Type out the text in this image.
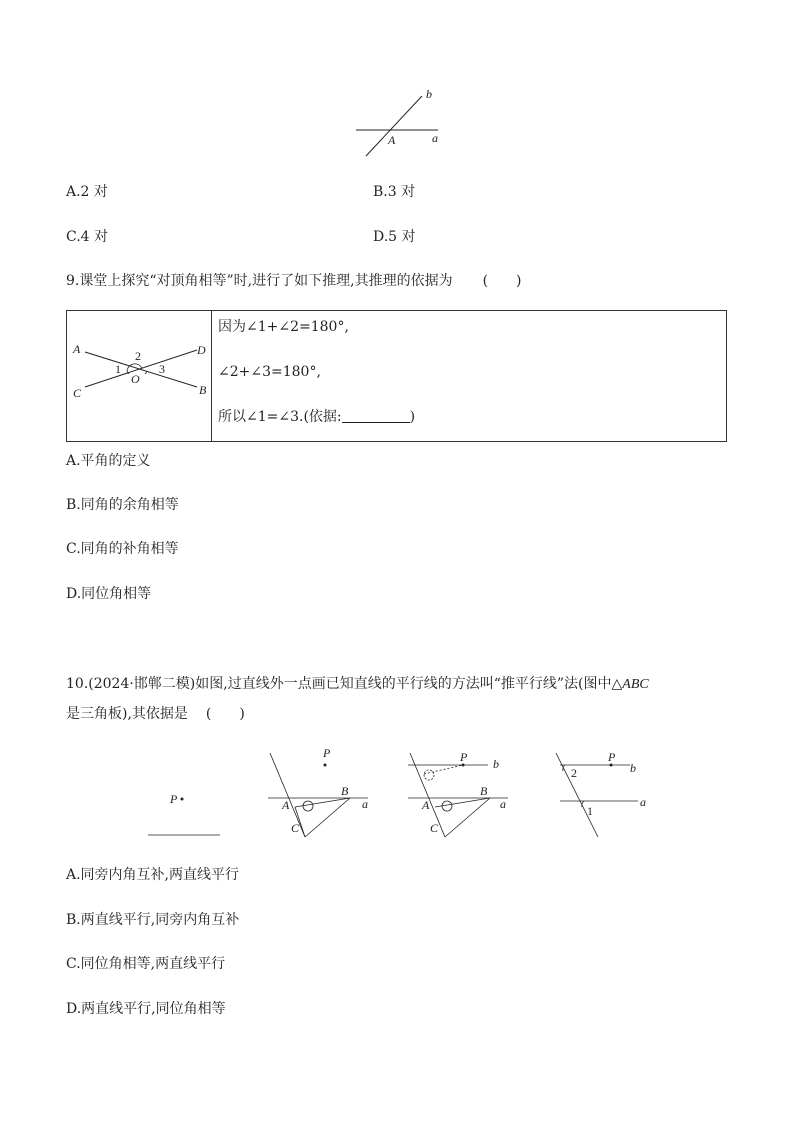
b
A	a
A.2 对	B.3 对
C.4 对	D.5 对
9.课堂上探究“对顶角相等”时,进行了如下推理,其推理的依据为 (　　)
A	D
C	B
O
1
2
3
因为∠1+∠2=180°,
∠2+∠3=180°,
所以∠1=∠3.(依据:	)
A.平角的定义
B.同角的余角相等
C.同角的补角相等
D.同位角相等
10.(2024·邯郸二模)如图,过直线外一点画已知直线的平行线的方法叫“推平行线”法(图中△ABC
是三角板),其依据是 (　　)
P
P
A
B
C
a
P b
A
B
C
a
P
b
a
2
1
A.同旁内角互补,两直线平行
B.两直线平行,同旁内角互补
C.同位角相等,两直线平行
D.两直线平行,同位角相等
